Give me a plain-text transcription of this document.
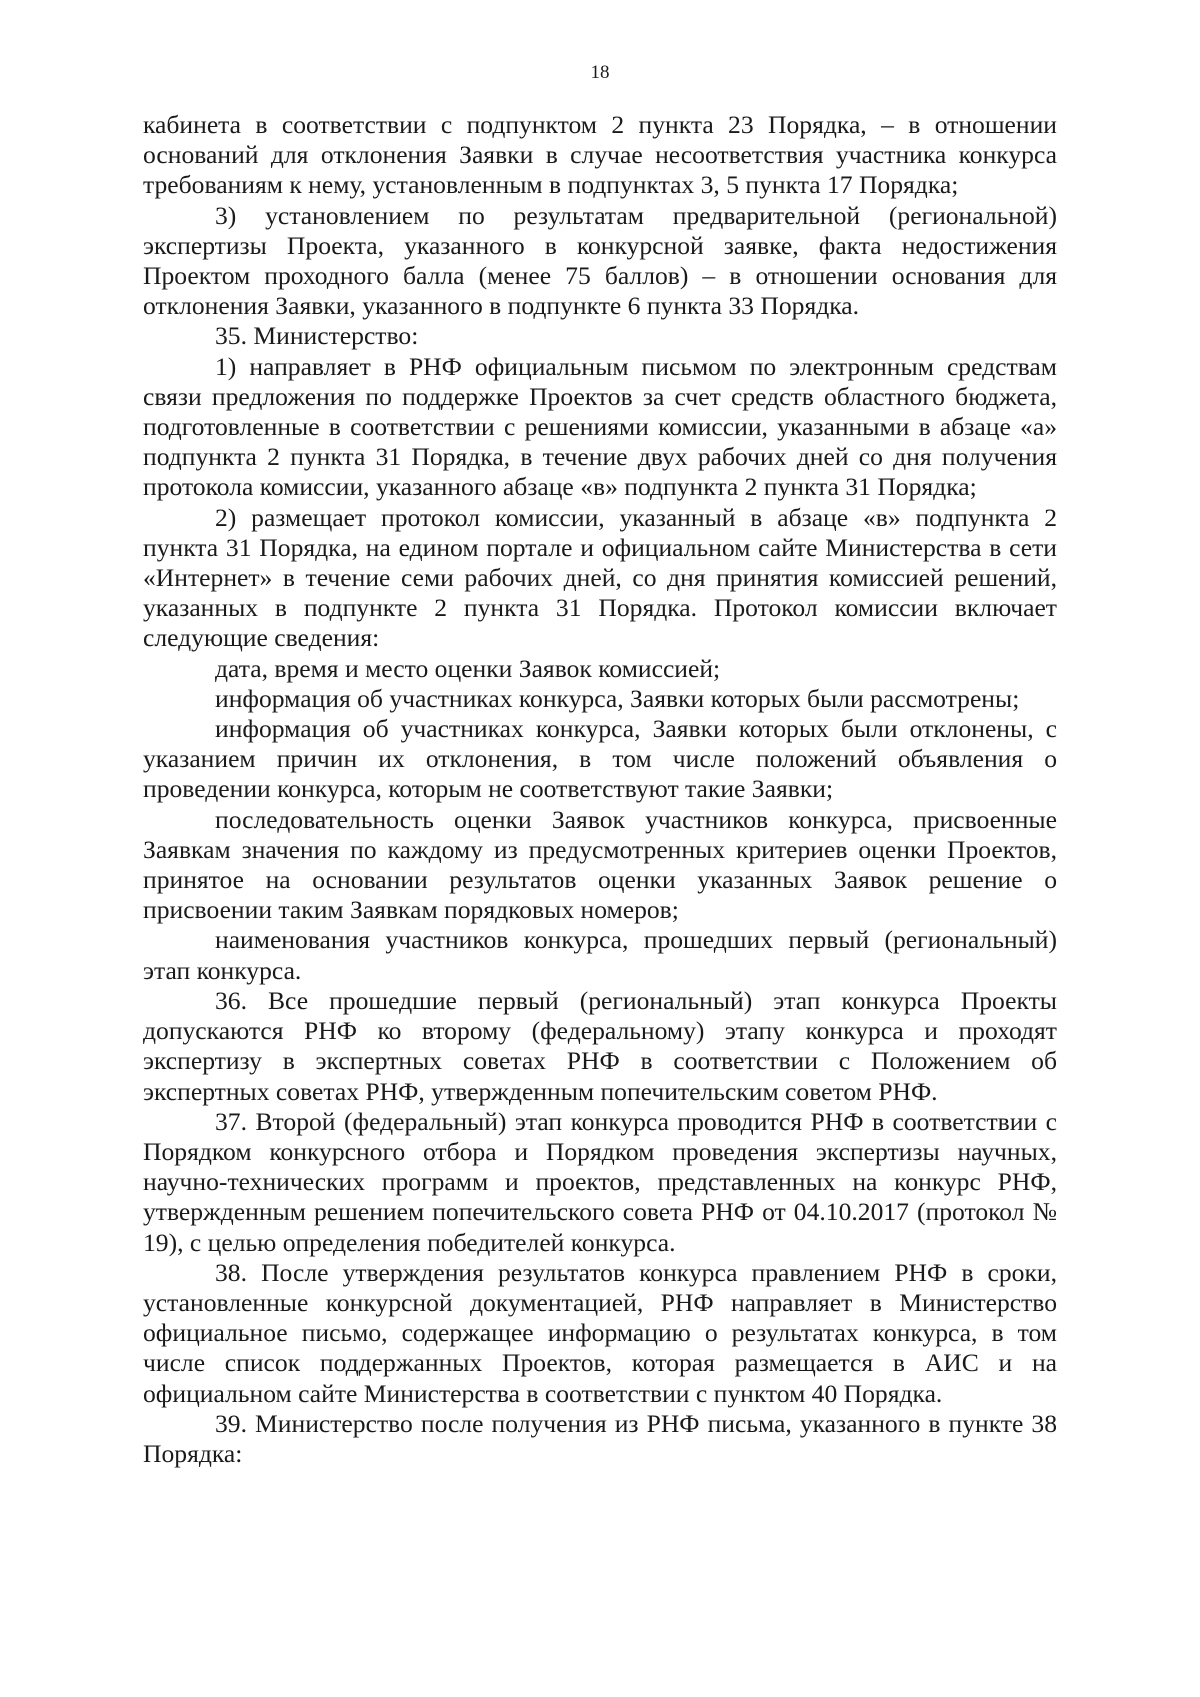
18

кабинета в соответствии с подпунктом 2 пункта 23 Порядка, – в отношении оснований для отклонения Заявки в случае несоответствия участника конкурса требованиям к нему, установленным в подпунктах 3, 5 пункта 17 Порядка;

3) установлением по результатам предварительной (региональной) экспертизы Проекта, указанного в конкурсной заявке, факта недостижения Проектом проходного балла (менее 75 баллов) – в отношении основания для отклонения Заявки, указанного в подпункте 6 пункта 33 Порядка.

35. Министерство:

1) направляет в РНФ официальным письмом по электронным средствам связи предложения по поддержке Проектов за счет средств областного бюджета, подготовленные в соответствии с решениями комиссии, указанными в абзаце «а» подпункта 2 пункта 31 Порядка, в течение двух рабочих дней со дня получения протокола комиссии, указанного абзаце «в» подпункта 2 пункта 31 Порядка;

2) размещает протокол комиссии, указанный в абзаце «в» подпункта 2 пункта 31 Порядка, на едином портале и официальном сайте Министерства в сети «Интернет» в течение семи рабочих дней, со дня принятия комиссией решений, указанных в подпункте 2 пункта 31 Порядка. Протокол комиссии включает следующие сведения:

дата, время и место оценки Заявок комиссией;

информация об участниках конкурса, Заявки которых были рассмотрены;

информация об участниках конкурса, Заявки которых были отклонены, с указанием причин их отклонения, в том числе положений объявления о проведении конкурса, которым не соответствуют такие Заявки;

последовательность оценки Заявок участников конкурса, присвоенные Заявкам значения по каждому из предусмотренных критериев оценки Проектов, принятое на основании результатов оценки указанных Заявок решение о присвоении таким Заявкам порядковых номеров;

наименования участников конкурса, прошедших первый (региональный) этап конкурса.

36. Все прошедшие первый (региональный) этап конкурса Проекты допускаются РНФ ко второму (федеральному) этапу конкурса и проходят экспертизу в экспертных советах РНФ в соответствии с Положением об экспертных советах РНФ, утвержденным попечительским советом РНФ.

37. Второй (федеральный) этап конкурса проводится РНФ в соответствии с Порядком конкурсного отбора и Порядком проведения экспертизы научных, научно-технических программ и проектов, представленных на конкурс РНФ, утвержденным решением попечительского совета РНФ от 04.10.2017 (протокол № 19), с целью определения победителей конкурса.

38. После утверждения результатов конкурса правлением РНФ в сроки, установленные конкурсной документацией, РНФ направляет в Министерство официальное письмо, содержащее информацию о результатах конкурса, в том числе список поддержанных Проектов, которая размещается в АИС и на официальном сайте Министерства в соответствии с пунктом 40 Порядка.

39. Министерство после получения из РНФ письма, указанного в пункте 38 Порядка:
